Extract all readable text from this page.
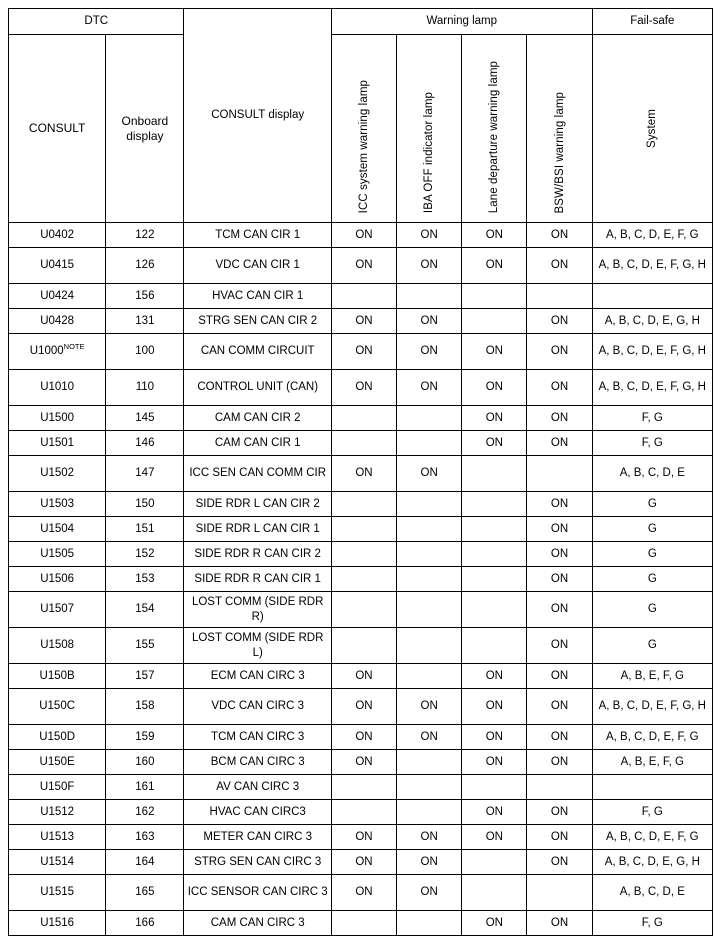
DTC		CONSULT display	Warning lamp				Fail-safe
CONSULT	Onboard display		ICC system warning lamp	IBA OFF indicator lamp	Lane departure warning lamp	BSW/BSI warning lamp	System

U0402	122	TCM CAN CIR 1	ON	ON	ON	ON	A, B, C, D, E, F, G
U0415	126	VDC CAN CIR 1	ON	ON	ON	ON	A, B, C, D, E, F, G, H
U0424	156	HVAC CAN CIR 1					
U0428	131	STRG SEN CAN CIR 2	ON	ON		ON	A, B, C, D, E, G, H
U1000$^{NOTE}$	100	CAN COMM CIRCUIT	ON	ON	ON	ON	A, B, C, D, E, F, G, H
U1010	110	CONTROL UNIT (CAN)	ON	ON	ON	ON	A, B, C, D, E, F, G, H
U1500	145	CAM CAN CIR 2			ON	ON	F, G
U1501	146	CAM CAN CIR 1			ON	ON	F, G
U1502	147	ICC SEN CAN COMM CIR	ON	ON			A, B, C, D, E
U1503	150	SIDE RDR L CAN CIR 2				ON	G
U1504	151	SIDE RDR L CAN CIR 1				ON	G
U1505	152	SIDE RDR R CAN CIR 2				ON	G
U1506	153	SIDE RDR R CAN CIR 1				ON	G
U1507	154	LOST COMM (SIDE RDR R)				ON	G
U1508	155	LOST COMM (SIDE RDR L)				ON	G
U150B	157	ECM CAN CIRC 3	ON		ON	ON	A, B, E, F, G
U150C	158	VDC CAN CIRC 3	ON	ON	ON	ON	A, B, C, D, E, F, G, H
U150D	159	TCM CAN CIRC 3	ON	ON	ON	ON	A, B, C, D, E, F, G
U150E	160	BCM CAN CIRC 3	ON		ON	ON	A, B, E, F, G
U150F	161	AV CAN CIRC 3					
U1512	162	HVAC CAN CIRC3			ON	ON	F, G
U1513	163	METER CAN CIRC 3	ON	ON	ON	ON	A, B, C, D, E, F, G
U1514	164	STRG SEN CAN CIRC 3	ON	ON		ON	A, B, C, D, E, G, H
U1515	165	ICC SENSOR CAN CIRC 3	ON	ON			A, B, C, D, E
U1516	166	CAM CAN CIRC 3			ON	ON	F, G
